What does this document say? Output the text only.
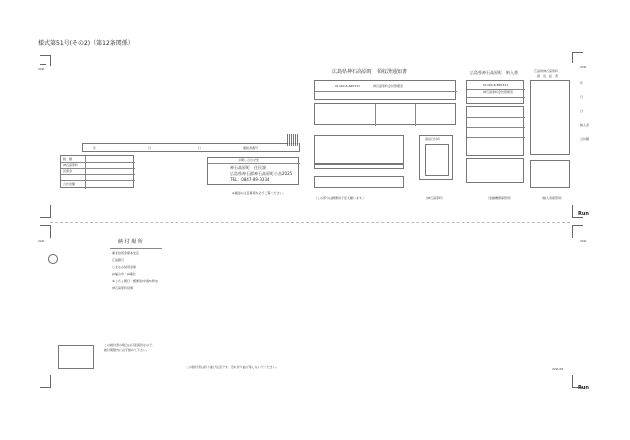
様式第51号(その2)（第12条関係）
22kl	22kl
22kl	22kl
22kl-05
Run
Run
年	月	日	通知書番号
税　額
神石高原町
延滞金
合計金額
お問い合わせ先
神石高原町　住民課
広島県神石郡神石高原町小畠2025
TEL：0847-89-3334
※裏面の注意事項を必ずご覧ください。
広島県神石高原町　領収済通知書
01300-8-865331	神石高原町会計管理者
領収日付印
（この部分は郵便局で記入願います。）	（神石高原町）
広島県神石高原町　納入書
01300-8-865331
神石高原町会計管理者
（金融機関保管用）
広島県神石高原町
領　収　証　書
（納入者保管用）
年
月
日
納入者
合計額
納 付 場 所
備北信用金庫本支店
広島銀行
しまなみ信用金庫
JA福山市・JA備北
ゆうちょ銀行・郵便局(中国5県内)
神石高原町役場
この納付書の場合は口座振替なので、
納付期限内に必ず納めて下さい。
この納付書は折り曲げ注意です。汚れ折り曲げ等しないでください。
